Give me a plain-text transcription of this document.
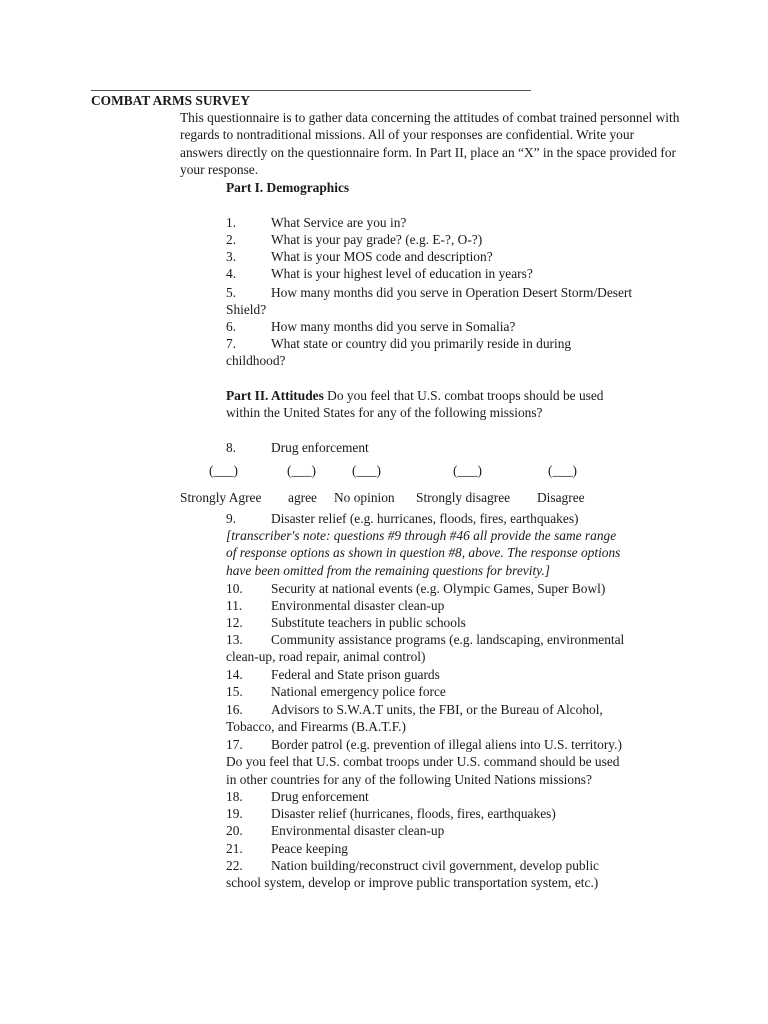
COMBAT ARMS SURVEY
This questionnaire is to gather data concerning the attitudes of combat trained personnel with regards to nontraditional missions. All of your responses are confidential. Write your answers directly on the questionnaire form. In Part II, place an “X” in the space provided for your response.
Part I. Demographics
1.	What Service are you in?
2.	What is your pay grade? (e.g. E-?, O-?)
3.	What is your MOS code and description?
4.	What is your highest level of education in years?
5.	How many months did you serve in Operation Desert Storm/Desert
Shield?
6.	How many months did you serve in Somalia?
7.	What state or country did you primarily reside in during
childhood?
Part II. Attitudes Do you feel that U.S. combat troops should be used
within the United States for any of the following missions?
8.	Drug enforcement
(___)	(___)	(___)	(___)	(___)
Strongly Agree agree No opinion Strongly disagree Disagree
9.	Disaster relief (e.g. hurricanes, floods, fires, earthquakes)
[transcriber's note: questions #9 through #46 all provide the same range
of response options as shown in question #8, above. The response options
have been omitted from the remaining questions for brevity.]
10. Security at national events (e.g. Olympic Games, Super Bowl)
11. Environmental disaster clean-up
12. Substitute teachers in public schools
13. Community assistance programs (e.g. landscaping, environmental
clean-up, road repair, animal control)
14. Federal and State prison guards
15. National emergency police force
16. Advisors to S.W.A.T units, the FBI, or the Bureau of Alcohol,
Tobacco, and Firearms (B.A.T.F.)
17. Border patrol (e.g. prevention of illegal aliens into U.S. territory.)
Do you feel that U.S. combat troops under U.S. command should be used
in other countries for any of the following United Nations missions?
18. Drug enforcement
19. Disaster relief (hurricanes, floods, fires, earthquakes)
20. Environmental disaster clean-up
21. Peace keeping
22. Nation building/reconstruct civil government, develop public
school system, develop or improve public transportation system, etc.)
